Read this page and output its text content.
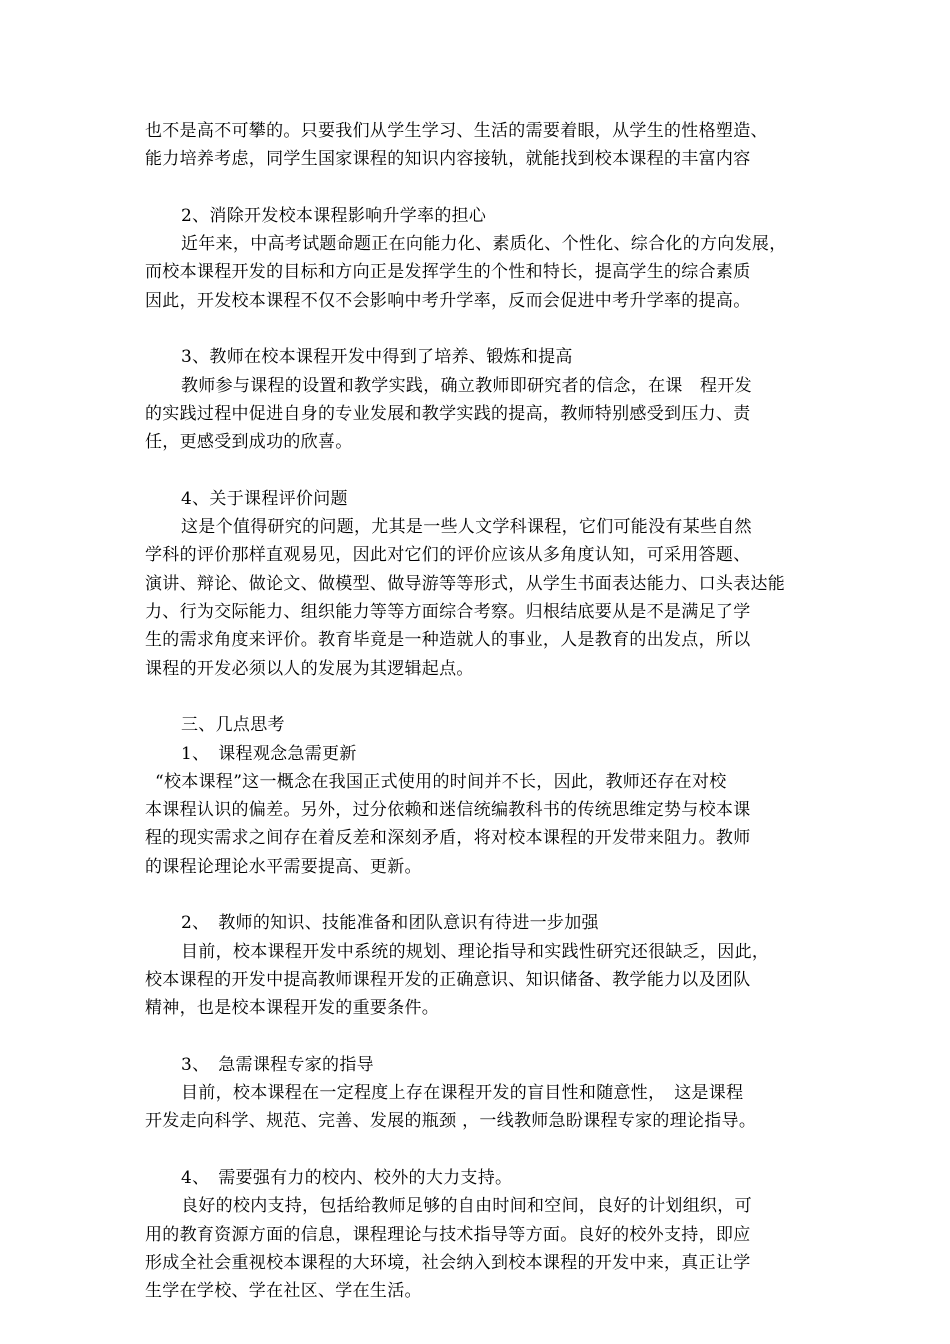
也不是高不可攀的。只要我们从学生学习、生活的需要着眼，从学生的性格塑造、
能力培养考虑，同学生国家课程的知识内容接轨，就能找到校本课程的丰富内容
2、消除开发校本课程影响升学率的担心
近年来，中高考试题命题正在向能力化、素质化、个性化、综合化的方向发展，
而校本课程开发的目标和方向正是发挥学生的个性和特长，提高学生的综合素质
因此，开发校本课程不仅不会影响中考升学率，反而会促进中考升学率的提高。
3、教师在校本课程开发中得到了培养、锻炼和提高
教师参与课程的设置和教学实践，确立教师即研究者的信念，在课　程开发
的实践过程中促进自身的专业发展和教学实践的提高，教师特别感受到压力、责
任，更感受到成功的欣喜。
4、关于课程评价问题
这是个值得研究的问题，尤其是一些人文学科课程，它们可能没有某些自然
学科的评价那样直观易见，因此对它们的评价应该从多角度认知，可采用答题、
演讲、辩论、做论文、做模型、做导游等等形式，从学生书面表达能力、口头表达能
力、行为交际能力、组织能力等等方面综合考察。归根结底要从是不是满足了学
生的需求角度来评价。教育毕竟是一种造就人的事业，人是教育的出发点，所以
课程的开发必须以人的发展为其逻辑起点。
三、几点思考
1、　课程观念急需更新
“校本课程”这一概念在我国正式使用的时间并不长，因此，教师还存在对校
本课程认识的偏差。另外，过分依赖和迷信统编教科书的传统思维定势与校本课
程的现实需求之间存在着反差和深刻矛盾，将对校本课程的开发带来阻力。教师
的课程论理论水平需要提高、更新。
2、　教师的知识、技能准备和团队意识有待进一步加强
目前，校本课程开发中系统的规划、理论指导和实践性研究还很缺乏，因此，
校本课程的开发中提高教师课程开发的正确意识、知识储备、教学能力以及团队
精神，也是校本课程开发的重要条件。
3、　急需课程专家的指导
目前，校本课程在一定程度上存在课程开发的盲目性和随意性，　这是课程
开发走向科学、规范、完善、发展的瓶颈 ，一线教师急盼课程专家的理论指导。
4、　需要强有力的校内、校外的大力支持。
良好的校内支持，包括给教师足够的自由时间和空间，良好的计划组织，可
用的教育资源方面的信息，课程理论与技术指导等方面。良好的校外支持，即应
形成全社会重视校本课程的大环境，社会纳入到校本课程的开发中来，真正让学
生学在学校、学在社区、学在生活。
